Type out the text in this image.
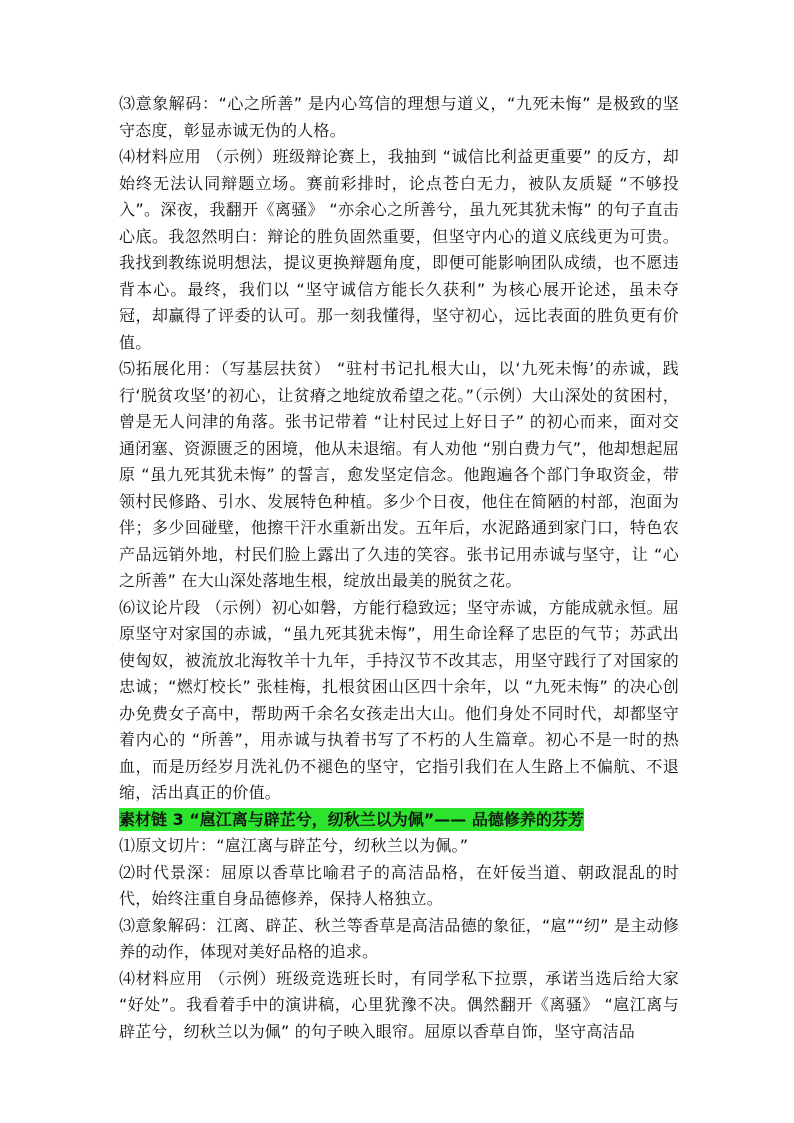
⑶意象解码：“心之所善” 是内心笃信的理想与道义，“九死未悔” 是极致的坚守态度，彰显赤诚无伪的人格。

⑷材料应用 （示例）班级辩论赛上，我抽到 “诚信比利益更重要” 的反方，却始终无法认同辩题立场。赛前彩排时，论点苍白无力，被队友质疑 “不够投入”。深夜，我翻开《离骚》 “亦余心之所善兮，虽九死其犹未悔” 的句子直击心底。我忽然明白：辩论的胜负固然重要，但坚守内心的道义底线更为可贵。我找到教练说明想法，提议更换辩题角度，即便可能影响团队成绩，也不愿违背本心。最终，我们以 “坚守诚信方能长久获利” 为核心展开论述，虽未夺冠，却赢得了评委的认可。那一刻我懂得，坚守初心，远比表面的胜负更有价值。

⑸拓展化用：（写基层扶贫） “驻村书记扎根大山，以‘九死未悔’的赤诚，践行‘脱贫攻坚’的初心，让贫瘠之地绽放希望之花。”（示例）大山深处的贫困村，曾是无人问津的角落。张书记带着 “让村民过上好日子” 的初心而来，面对交通闭塞、资源匮乏的困境，他从未退缩。有人劝他 “别白费力气”，他却想起屈原 “虽九死其犹未悔” 的誓言，愈发坚定信念。他跑遍各个部门争取资金，带领村民修路、引水、发展特色种植。多少个日夜，他住在简陋的村部，泡面为伴；多少回碰壁，他擦干汗水重新出发。五年后，水泥路通到家门口，特色农产品远销外地，村民们脸上露出了久违的笑容。张书记用赤诚与坚守，让 “心之所善” 在大山深处落地生根，绽放出最美的脱贫之花。

⑹议论片段 （示例）初心如磐，方能行稳致远；坚守赤诚，方能成就永恒。屈原坚守对家国的赤诚，“虽九死其犹未悔”，用生命诠释了忠臣的气节；苏武出使匈奴，被流放北海牧羊十九年，手持汉节不改其志，用坚守践行了对国家的忠诚；“燃灯校长” 张桂梅，扎根贫困山区四十余年，以 “九死未悔” 的决心创办免费女子高中，帮助两千余名女孩走出大山。他们身处不同时代，却都坚守着内心的 “所善”，用赤诚与执着书写了不朽的人生篇章。初心不是一时的热血，而是历经岁月洗礼仍不褪色的坚守，它指引我们在人生路上不偏航、不退缩，活出真正的价值。

素材链 3 “扈江离与辟芷兮，纫秋兰以为佩”—— 品德修养的芬芳

⑴原文切片：“扈江离与辟芷兮，纫秋兰以为佩。”

⑵时代景深：屈原以香草比喻君子的高洁品格，在奸佞当道、朝政混乱的时代，始终注重自身品德修养，保持人格独立。

⑶意象解码：江离、辟芷、秋兰等香草是高洁品德的象征，“扈”“纫” 是主动修养的动作，体现对美好品格的追求。

⑷材料应用 （示例）班级竞选班长时，有同学私下拉票，承诺当选后给大家 “好处”。我看着手中的演讲稿，心里犹豫不决。偶然翻开《离骚》 “扈江离与辟芷兮，纫秋兰以为佩” 的句子映入眼帘。屈原以香草自饰，坚守高洁品
